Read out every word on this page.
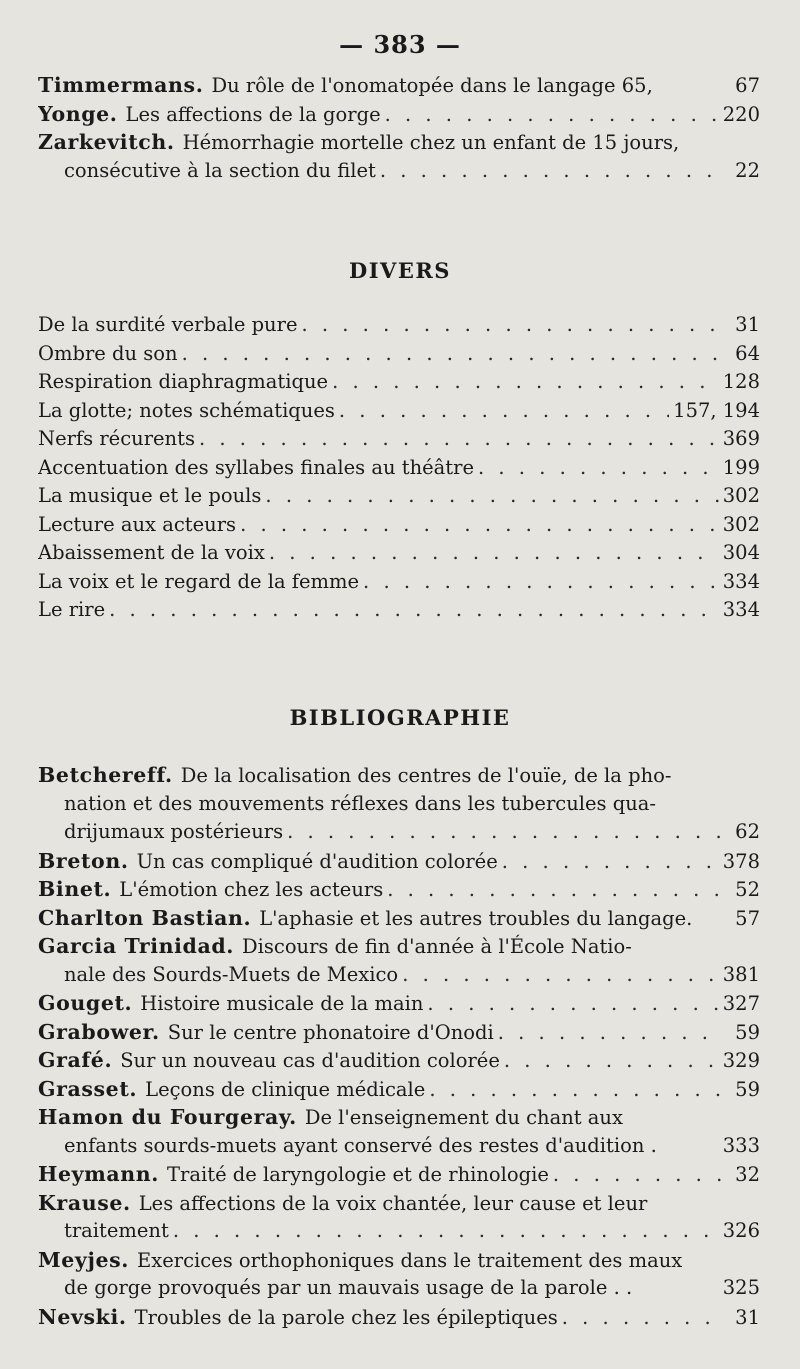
— 383 —
Timmermans. Du rôle de l'onomatopée dans le langage 65,	67
Yonge. Les affections de la gorge . . .	220
Zarkevitch. Hémorrhagie mortelle chez un enfant de 15 jours,
consécutive à la section du filet . . .	22
DIVERS
De la surdité verbale pure . . .	31
Ombre du son . . .	64
Respiration diaphragmatique . . .	128
La glotte; notes schématiques . . .	157, 194
Nerfs récurents . . .	369
Accentuation des syllabes finales au théâtre . . .	199
La musique et le pouls . . .	302
Lecture aux acteurs . . .	302
Abaissement de la voix . . .	304
La voix et le regard de la femme . . .	334
Le rire . . .	334
BIBLIOGRAPHIE
Betchereff. De la localisation des centres de l'ouïe, de la pho-
nation et des mouvements réflexes dans les tubercules qua-
drijumaux postérieurs . . .	62
Breton. Un cas compliqué d'audition colorée . . .	378
Binet. L'émotion chez les acteurs . . .	52
Charlton Bastian. L'aphasie et les autres troubles du langage.	57
Garcia Trinidad. Discours de fin d'année à l'École Natio-
nale des Sourds-Muets de Mexico . . .	381
Gouget. Histoire musicale de la main . . .	327
Grabower. Sur le centre phonatoire d'Onodi . . .	59
Grafé. Sur un nouveau cas d'audition colorée . . .	329
Grasset. Leçons de clinique médicale . . .	59
Hamon du Fourgeray. De l'enseignement du chant aux
enfants sourds-muets ayant conservé des restes d'audition .	333
Heymann. Traité de laryngologie et de rhinologie . . .	32
Krause. Les affections de la voix chantée, leur cause et leur
traitement . . .	326
Meyjes. Exercices orthophoniques dans le traitement des maux
de gorge provoqués par un mauvais usage de la parole . .	325
Nevski. Troubles de la parole chez les épileptiques . . .	31
